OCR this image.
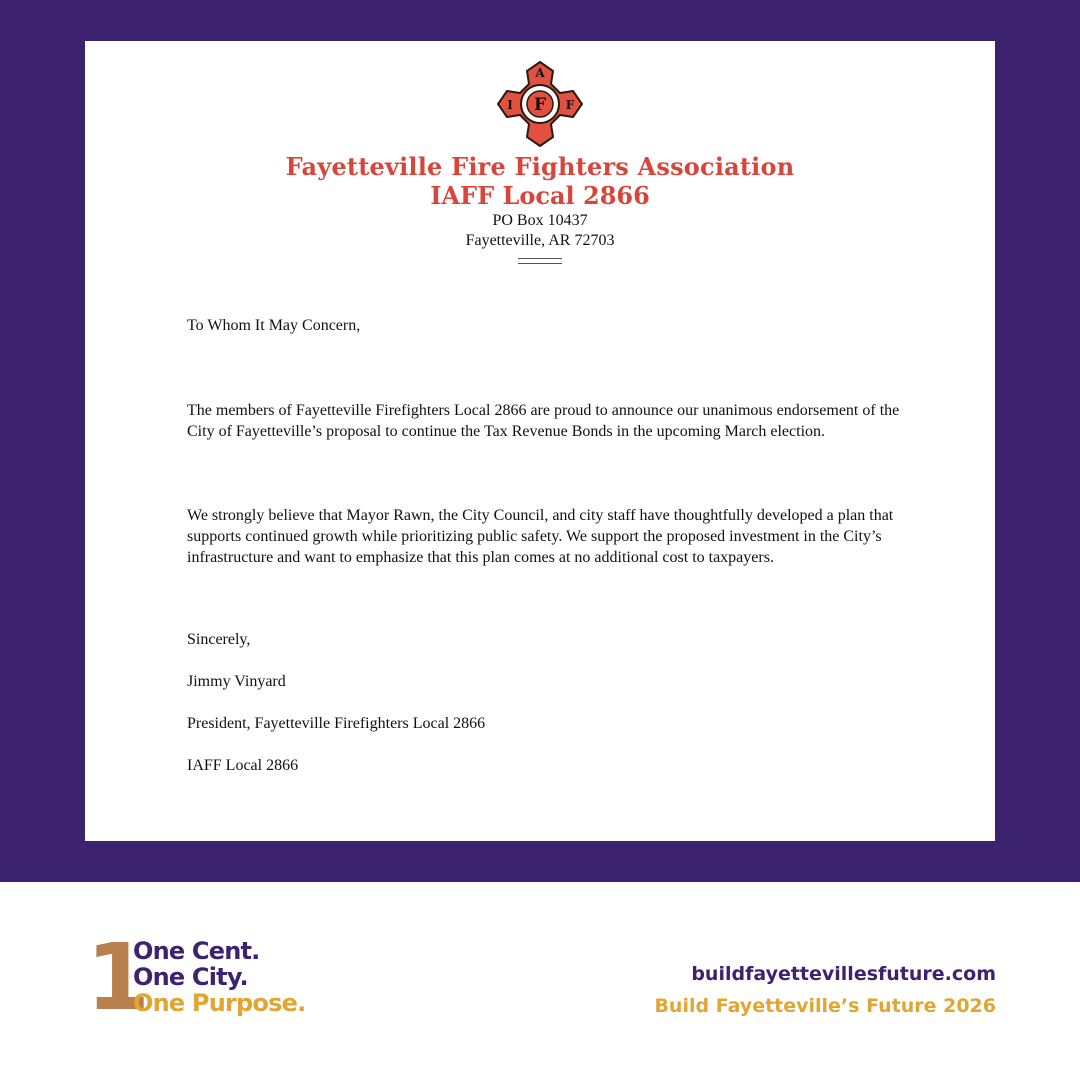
F
A
I	F
Fayetteville Fire Fighters Association
IAFF Local 2866
PO Box 10437
Fayetteville, AR 72703

To Whom It May Concern,

The members of Fayetteville Firefighters Local 2866 are proud to announce our unanimous endorsement of the City of Fayetteville’s proposal to continue the Tax Revenue Bonds in the upcoming March election.

We strongly believe that Mayor Rawn, the City Council, and city staff have thoughtfully developed a plan that supports continued growth while prioritizing public safety. We support the proposed investment in the City’s infrastructure and want to emphasize that this plan comes at no additional cost to taxpayers.

Sincerely,

Jimmy Vinyard

President, Fayetteville Firefighters Local 2866

IAFF Local 2866

1
One Cent.
One City.
One Purpose.
buildfayettevillesfuture.com
Build Fayetteville’s Future 2026
